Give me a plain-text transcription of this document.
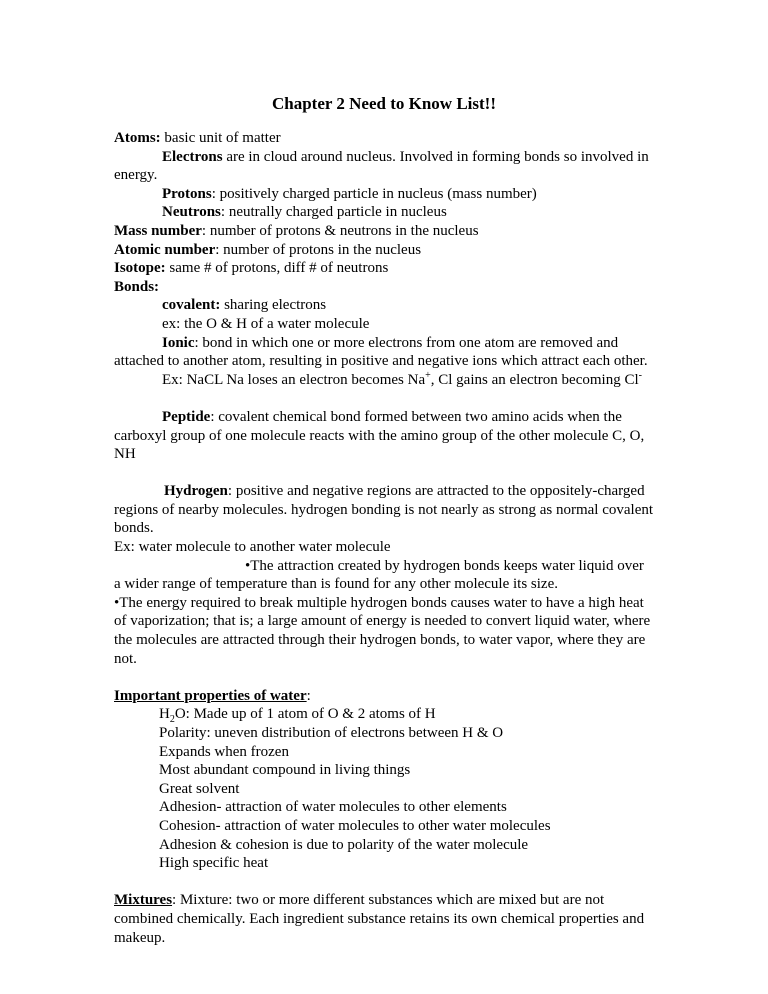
Chapter 2 Need to Know List!!

Atoms: basic unit of matter

Electrons are in cloud around nucleus. Involved in forming bonds so involved in energy.

Protons: positively charged particle in nucleus (mass number)

Neutrons: neutrally charged particle in nucleus

Mass number: number of protons & neutrons in the nucleus

Atomic number: number of protons in the nucleus

Isotope: same # of protons, diff # of neutrons

Bonds:

covalent: sharing electrons

ex: the O & H of a water molecule

Ionic: bond in which one or more electrons from one atom are removed and attached to another atom, resulting in positive and negative ions which attract each other.

Ex: NaCL Na loses an electron becomes Na+, Cl gains an electron becoming Cl-

Peptide: covalent chemical bond formed between two amino acids when the carboxyl group of one molecule reacts with the amino group of the other molecule C, O, NH

Hydrogen: positive and negative regions are attracted to the oppositely-charged regions of nearby molecules. hydrogen bonding is not nearly as strong as normal covalent bonds.

Ex: water molecule to another water molecule

•The attraction created by hydrogen bonds keeps water liquid over a wider range of temperature than is found for any other molecule its size.

•The energy required to break multiple hydrogen bonds causes water to have a high heat of vaporization; that is; a large amount of energy is needed to convert liquid water, where the molecules are attracted through their hydrogen bonds, to water vapor, where they are not.

Important properties of water:

$H_2O$: Made up of 1 atom of O & 2 atoms of H

Polarity: uneven distribution of electrons between H & O

Expands when frozen

Most abundant compound in living things

Great solvent

Adhesion- attraction of water molecules to other elements

Cohesion- attraction of water molecules to other water molecules

Adhesion & cohesion is due to polarity of the water molecule

High specific heat

Mixtures: Mixture: two or more different substances which are mixed but are not combined chemically. Each ingredient substance retains its own chemical properties and makeup.
